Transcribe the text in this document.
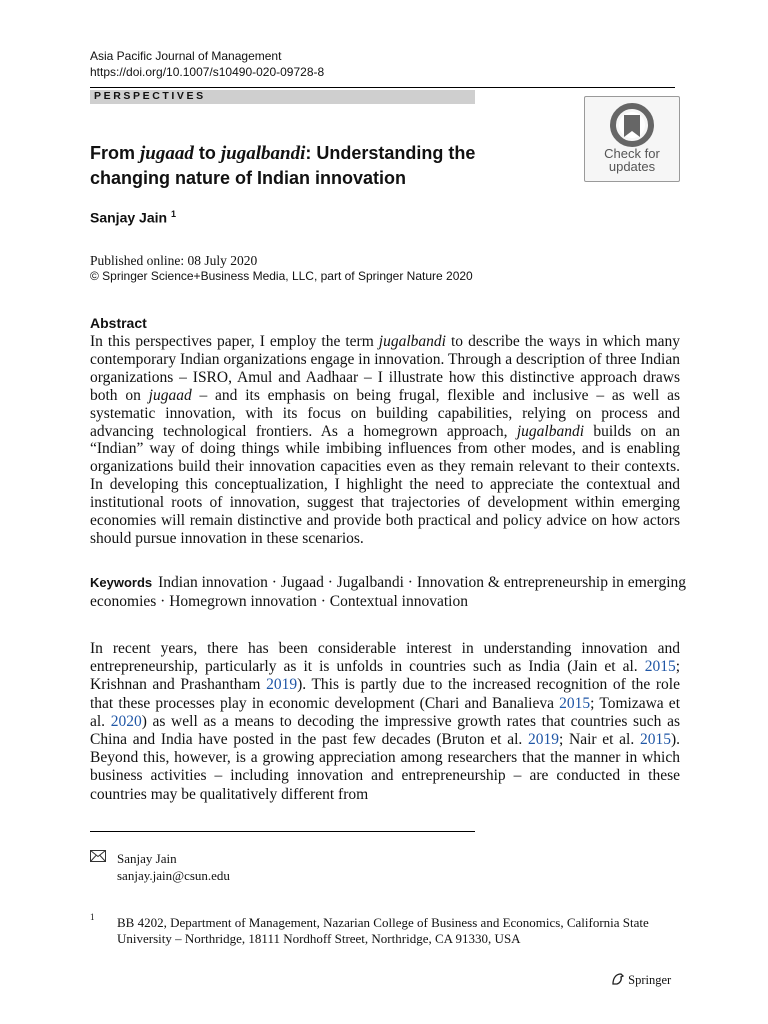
Asia Pacific Journal of Management
https://doi.org/10.1007/s10490-020-09728-8
PERSPECTIVES
Check for
updates
From jugaad to jugalbandi: Understanding the changing nature of Indian innovation
Sanjay Jain $^1$
Published online: 08 July 2020
© Springer Science+Business Media, LLC, part of Springer Nature 2020
Abstract
In this perspectives paper, I employ the term jugalbandi to describe the ways in which many contemporary Indian organizations engage in innovation. Through a description of three Indian organizations – ISRO, Amul and Aadhaar – I illustrate how this distinctive approach draws both on jugaad – and its emphasis on being frugal, flexible and inclusive – as well as systematic innovation, with its focus on building capabilities, relying on process and advancing technological frontiers. As a homegrown approach, jugalbandi builds on an “Indian” way of doing things while imbibing influences from other modes, and is enabling organizations build their innovation capacities even as they remain relevant to their contexts. In developing this conceptualization, I highlight the need to appreciate the contextual and institutional roots of innovation, suggest that trajectories of development within emerging economies will remain distinctive and provide both practical and policy advice on how actors should pursue innovation in these scenarios.
Keywords Indian innovation · Jugaad · Jugalbandi · Innovation & entrepreneurship in emerging economies · Homegrown innovation · Contextual innovation
In recent years, there has been considerable interest in understanding innovation and entrepreneurship, particularly as it is unfolds in countries such as India (Jain et al. 2015; Krishnan and Prashantham 2019). This is partly due to the increased recognition of the role that these processes play in economic development (Chari and Banalieva 2015; Tomizawa et al. 2020) as well as a means to decoding the impressive growth rates that countries such as China and India have posted in the past few decades (Bruton et al. 2019; Nair et al. 2015). Beyond this, however, is a growing appreciation among researchers that the manner in which business activities – including innovation and entrepreneurship – are conducted in these countries may be qualitatively different from
Sanjay Jain
sanjay.jain@csun.edu
1 BB 4202, Department of Management, Nazarian College of Business and Economics, California State University – Northridge, 18111 Nordhoff Street, Northridge, CA 91330, USA
Springer
